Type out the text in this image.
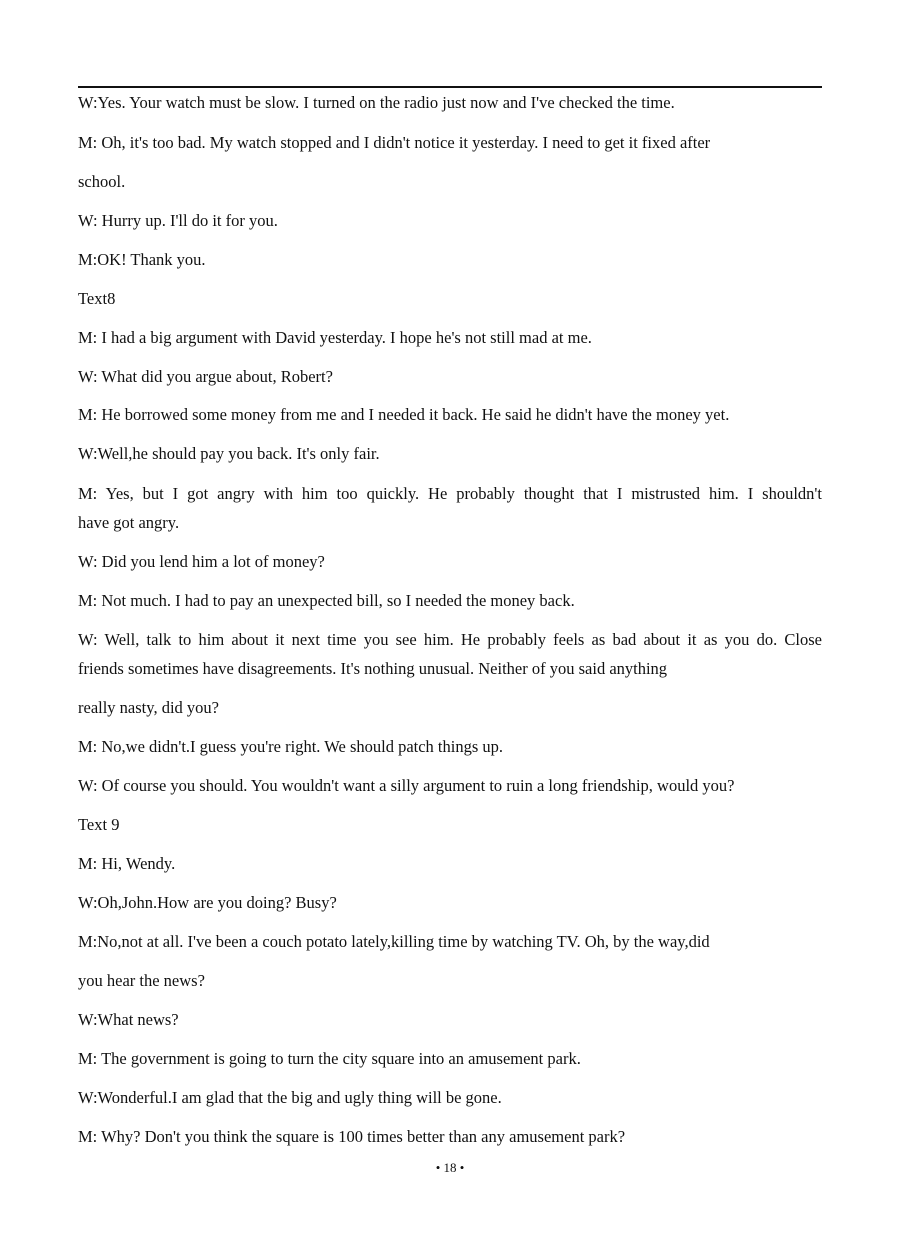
W:Yes. Your watch must be slow. I turned on the radio just now and I've checked the time.
M: Oh, it's too bad. My watch stopped and I didn't notice it yesterday. I need to get it fixed after
school.
W: Hurry up. I'll do it for you.
M:OK! Thank you.
Text8
M: I had a big argument with David yesterday. I hope he's not still mad at me.
W: What did you argue about, Robert?
M: He borrowed some money from me and I needed it back. He said he didn't have the money yet.
W:Well,he should pay you back. It's only fair.
M: Yes, but I got angry with him too quickly. He probably thought that I mistrusted him. I shouldn't
have got angry.
W: Did you lend him a lot of money?
M: Not much. I had to pay an unexpected bill, so I needed the money back.
W: Well, talk to him about it next time you see him. He probably feels as bad about it as you do. Close
friends sometimes have disagreements. It's nothing unusual. Neither of you said anything
really nasty, did you?
M: No,we didn't.I guess you're right. We should patch things up.
W: Of course you should. You wouldn't want a silly argument to ruin a long friendship, would you?
Text 9
M: Hi, Wendy.
W:Oh,John.How are you doing? Busy?
M:No,not at all. I've been a couch potato lately,killing time by watching TV. Oh, by the way,did
you hear the news?
W:What news?
M: The government is going to turn the city square into an amusement park.
W:Wonderful.I am glad that the big and ugly thing will be gone.
M: Why? Don't you think the square is 100 times better than any amusement park?
• 18 •
